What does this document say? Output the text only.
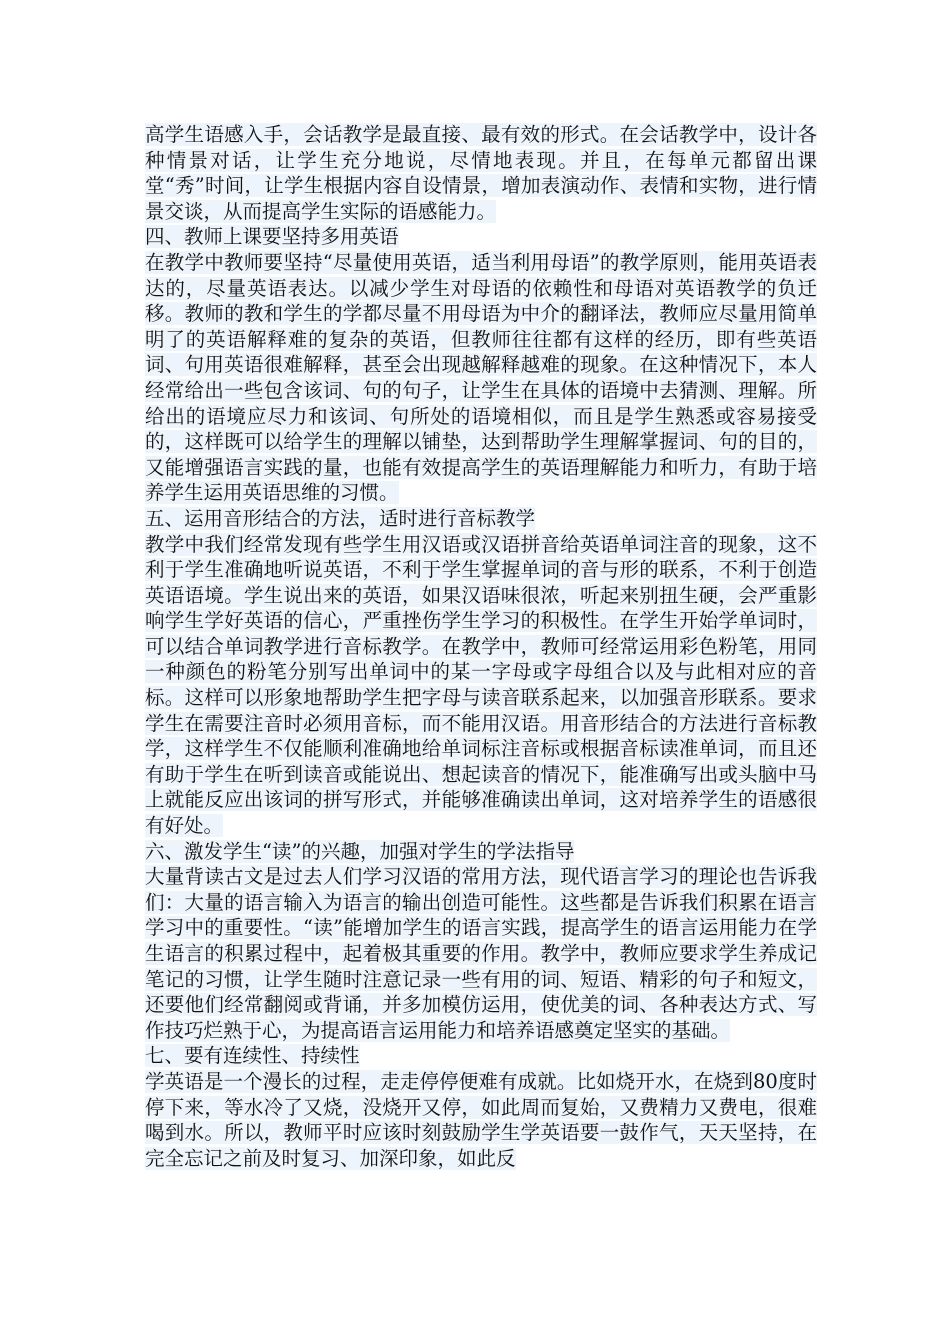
高学生语感入手，会话教学是最直接、最有效的形式。在会话教学中，设计各种情景对话，让学生充分地说，尽情地表现。并且，在每单元都留出课堂“秀”时间，让学生根据内容自设情景，增加表演动作、表情和实物，进行情景交谈，从而提高学生实际的语感能力。

四、教师上课要坚持多用英语

在教学中教师要坚持“尽量使用英语，适当利用母语”的教学原则，能用英语表达的，尽量英语表达。以减少学生对母语的依赖性和母语对英语教学的负迁移。教师的教和学生的学都尽量不用母语为中介的翻译法，教师应尽量用简单明了的英语解释难的复杂的英语，但教师往往都有这样的经历，即有些英语词、句用英语很难解释，甚至会出现越解释越难的现象。在这种情况下，本人经常给出一些包含该词、句的句子，让学生在具体的语境中去猜测、理解。所给出的语境应尽力和该词、句所处的语境相似，而且是学生熟悉或容易接受的，这样既可以给学生的理解以铺垫，达到帮助学生理解掌握词、句的目的，又能增强语言实践的量，也能有效提高学生的英语理解能力和听力，有助于培养学生运用英语思维的习惯。

五、运用音形结合的方法，适时进行音标教学

教学中我们经常发现有些学生用汉语或汉语拼音给英语单词注音的现象，这不利于学生准确地听说英语，不利于学生掌握单词的音与形的联系，不利于创造英语语境。学生说出来的英语，如果汉语味很浓，听起来别扭生硬，会严重影响学生学好英语的信心，严重挫伤学生学习的积极性。在学生开始学单词时，可以结合单词教学进行音标教学。在教学中，教师可经常运用彩色粉笔，用同一种颜色的粉笔分别写出单词中的某一字母或字母组合以及与此相对应的音标。这样可以形象地帮助学生把字母与读音联系起来，以加强音形联系。要求学生在需要注音时必须用音标，而不能用汉语。用音形结合的方法进行音标教学，这样学生不仅能顺利准确地给单词标注音标或根据音标读准单词，而且还有助于学生在听到读音或能说出、想起读音的情况下，能准确写出或头脑中马上就能反应出该词的拼写形式，并能够准确读出单词，这对培养学生的语感很有好处。

六、激发学生“读”的兴趣，加强对学生的学法指导

大量背读古文是过去人们学习汉语的常用方法，现代语言学习的理论也告诉我们：大量的语言输入为语言的输出创造可能性。这些都是告诉我们积累在语言学习中的重要性。“读”能增加学生的语言实践，提高学生的语言运用能力在学生语言的积累过程中，起着极其重要的作用。教学中，教师应要求学生养成记笔记的习惯，让学生随时注意记录一些有用的词、短语、精彩的句子和短文，还要他们经常翻阅或背诵，并多加模仿运用，使优美的词、各种表达方式、写作技巧烂熟于心，为提高语言运用能力和培养语感奠定坚实的基础。

七、要有连续性、持续性

学英语是一个漫长的过程，走走停停便难有成就。比如烧开水，在烧到80度时停下来，等水冷了又烧，没烧开又停，如此周而复始，又费精力又费电，很难喝到水。所以，教师平时应该时刻鼓励学生学英语要一鼓作气，天天坚持，在完全忘记之前及时复习、加深印象，如此反
